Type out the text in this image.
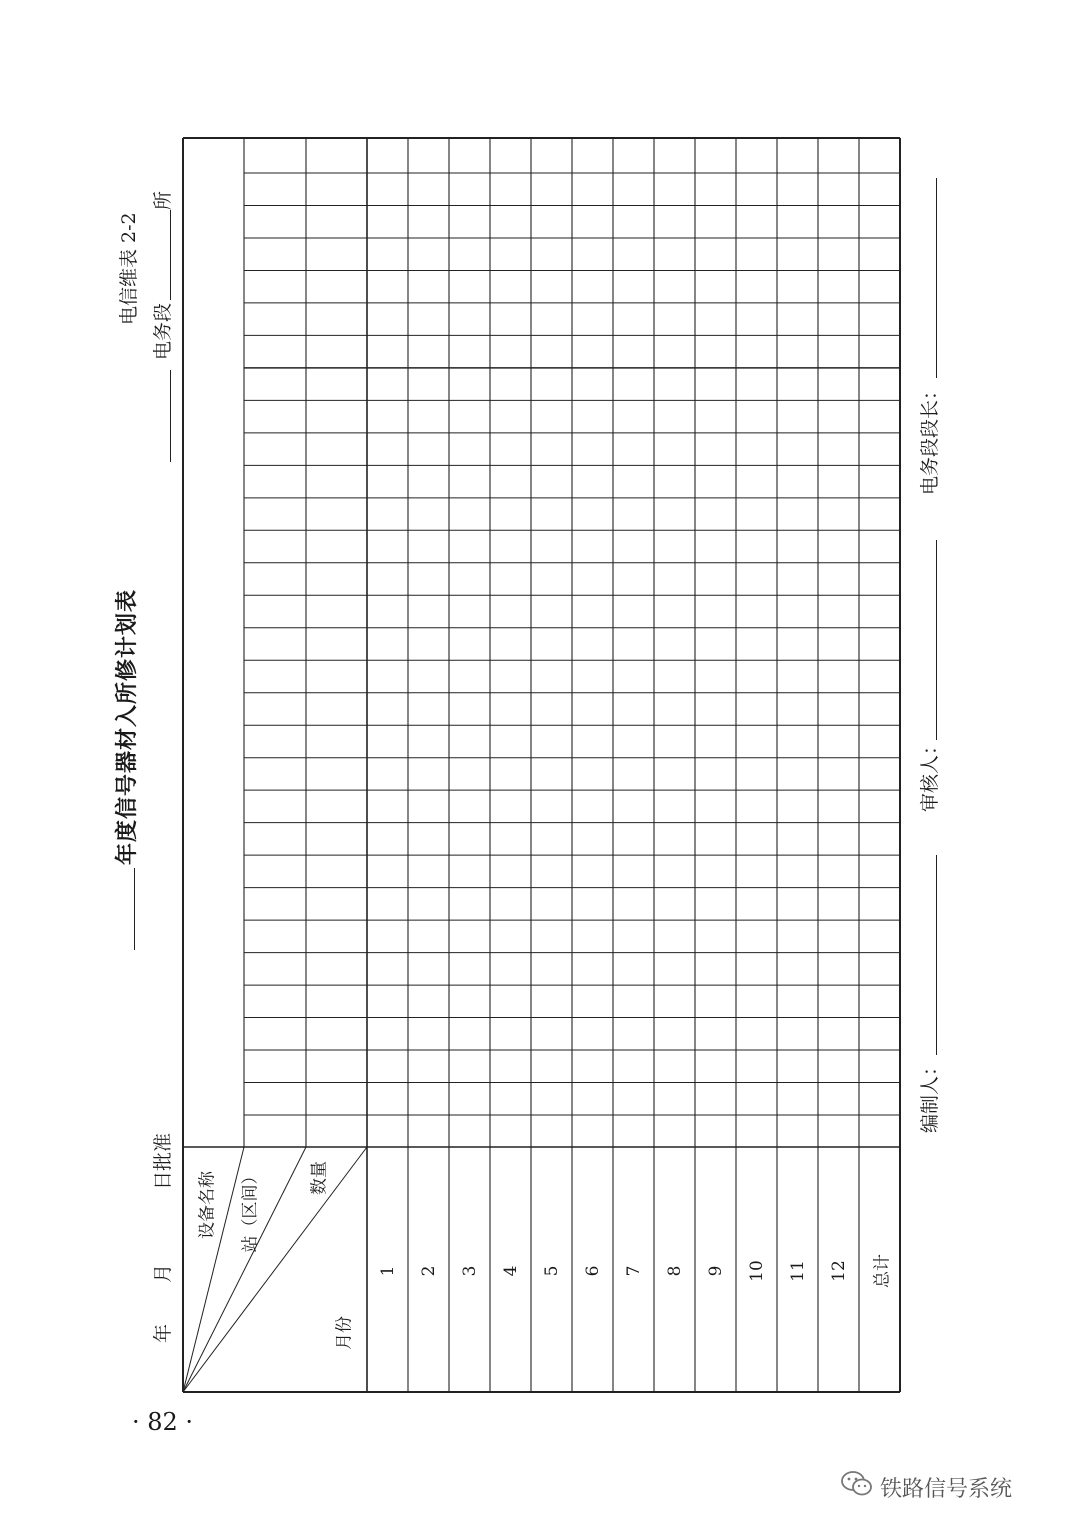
电信维表 2-2
所
电务段
年度信号器材入所修计划表
日批准
月
年
设备名称 站（区间）	数量
月份
1 2 3 4 5 6 7 8 9 10 11 12 总计
编制人：
审核人：
电务段段长：
· 82 ·
铁路信号系统
